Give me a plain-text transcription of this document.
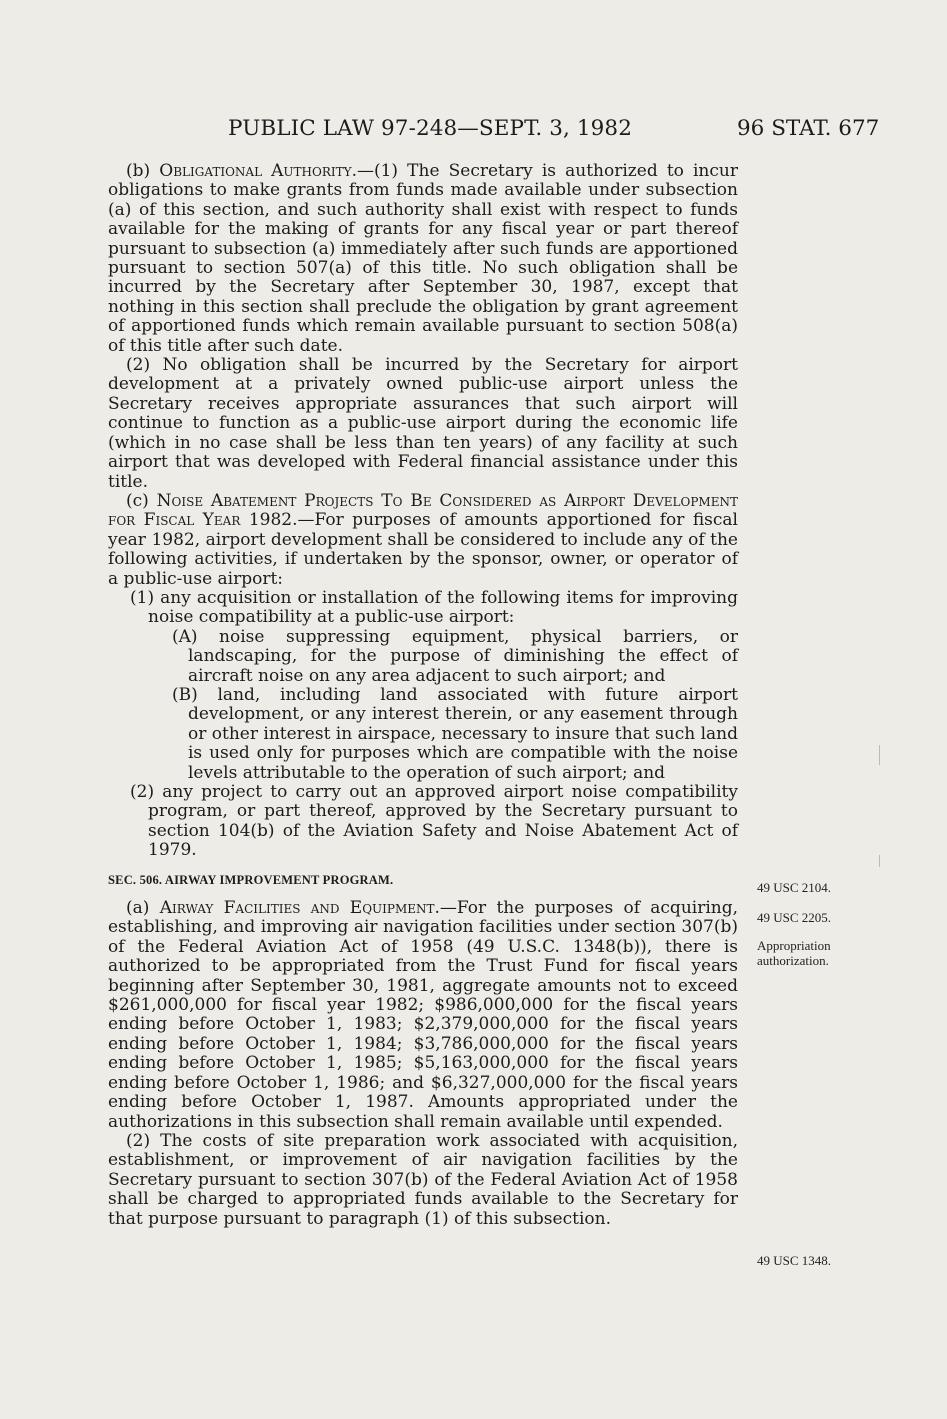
PUBLIC LAW 97-248—SEPT. 3, 1982	96 STAT. 677

(b) Obligational Authority.—(1) The Secretary is authorized to incur obligations to make grants from funds made available under subsection (a) of this section, and such authority shall exist with respect to funds available for the making of grants for any fiscal year or part thereof pursuant to subsection (a) immediately after such funds are apportioned pursuant to section 507(a) of this title. No such obligation shall be incurred by the Secretary after September 30, 1987, except that nothing in this section shall preclude the obligation by grant agreement of apportioned funds which remain available pursuant to section 508(a) of this title after such date.

(2) No obligation shall be incurred by the Secretary for airport development at a privately owned public-use airport unless the Secretary receives appropriate assurances that such airport will continue to function as a public-use airport during the economic life (which in no case shall be less than ten years) of any facility at such airport that was developed with Federal financial assistance under this title.

(c) Noise Abatement Projects To Be Considered as Airport Development for Fiscal Year 1982.—For purposes of amounts apportioned for fiscal year 1982, airport development shall be considered to include any of the following activities, if undertaken by the sponsor, owner, or operator of a public-use airport:

(1) any acquisition or installation of the following items for improving noise compatibility at a public-use airport:

(A) noise suppressing equipment, physical barriers, or landscaping, for the purpose of diminishing the effect of aircraft noise on any area adjacent to such airport; and

(B) land, including land associated with future airport development, or any interest therein, or any easement through or other interest in airspace, necessary to insure that such land is used only for purposes which are compatible with the noise levels attributable to the operation of such airport; and

(2) any project to carry out an approved airport noise compatibility program, or part thereof, approved by the Secretary pursuant to section 104(b) of the Aviation Safety and Noise Abatement Act of 1979.

SEC. 506. AIRWAY IMPROVEMENT PROGRAM.

(a) Airway Facilities and Equipment.—For the purposes of acquiring, establishing, and improving air navigation facilities under section 307(b) of the Federal Aviation Act of 1958 (49 U.S.C. 1348(b)), there is authorized to be appropriated from the Trust Fund for fiscal years beginning after September 30, 1981, aggregate amounts not to exceed $261,000,000 for fiscal year 1982; $986,000,000 for the fiscal years ending before October 1, 1983; $2,379,000,000 for the fiscal years ending before October 1, 1984; $3,786,000,000 for the fiscal years ending before October 1, 1985; $5,163,000,000 for the fiscal years ending before October 1, 1986; and $6,327,000,000 for the fiscal years ending before October 1, 1987. Amounts appropriated under the authorizations in this subsection shall remain available until expended.

(2) The costs of site preparation work associated with acquisition, establishment, or improvement of air navigation facilities by the Secretary pursuant to section 307(b) of the Federal Aviation Act of 1958 shall be charged to appropriated funds available to the Secretary for that purpose pursuant to paragraph (1) of this subsection.

49 USC 2104.
49 USC 2205.
Appropriation authorization.
49 USC 1348.
